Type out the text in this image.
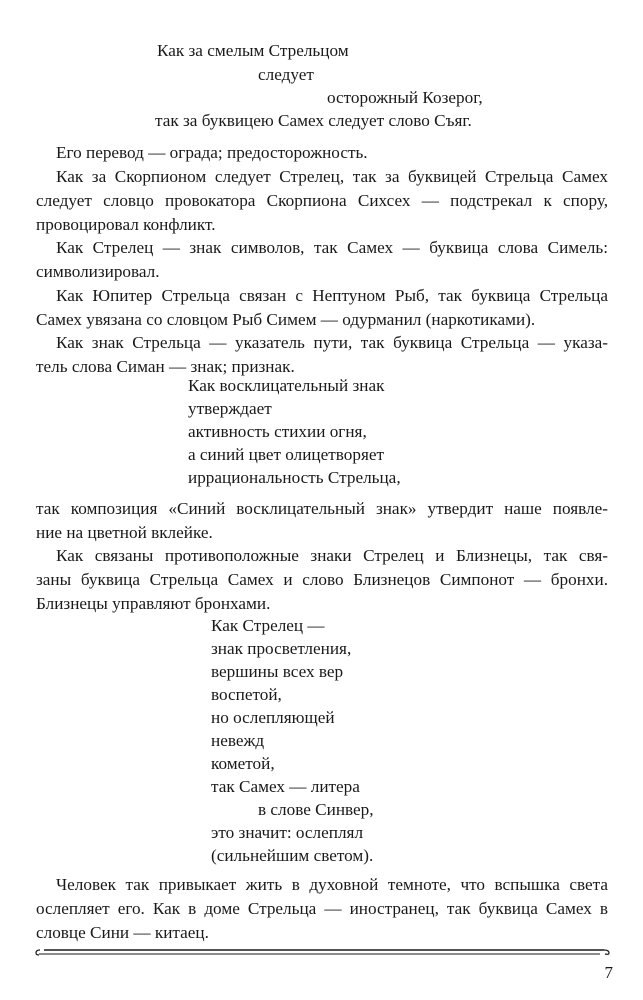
Как за смелым Стрельцом
следует
осторожный Козерог,
так за буквицею Самех следует слово Съяг.
Его перевод — ограда; предосторожность.
Как за Скорпионом следует Стрелец, так за буквицей Стрельца Самех
следует словцо провокатора Скорпиона Сихсех — подстрекал к спору,
провоцировал конфликт.
Как Стрелец — знак символов, так Самех — буквица слова Симель:
символизировал.
Как Юпитер Стрельца связан с Нептуном Рыб, так буквица Стрельца
Самех увязана со словцом Рыб Симем — одурманил (наркотиками).
Как знак Стрельца — указатель пути, так буквица Стрельца — указа-
тель слова Симан — знак; признак.
Как восклицательный знак
утверждает
активность стихии огня,
а синий цвет олицетворяет
иррациональность Стрельца,
так композиция «Синий восклицательный знак» утвердит наше появле-
ние на цветной вклейке.
Как связаны противоположные знаки Стрелец и Близнецы, так свя-
заны буквица Стрельца Самех и слово Близнецов Симпонот — бронхи.
Близнецы управляют бронхами.
Как Стрелец —
знак просветления,
вершины всех вер
воспетой,
но ослепляющей
невежд
кометой,
так Самех — литера
в слове Синвер,
это значит: ослеплял
(сильнейшим светом).
Человек так привыкает жить в духовной темноте, что вспышка света
ослепляет его. Как в доме Стрельца — иностранец, так буквица Самех в
словце Сини — китаец.
7
